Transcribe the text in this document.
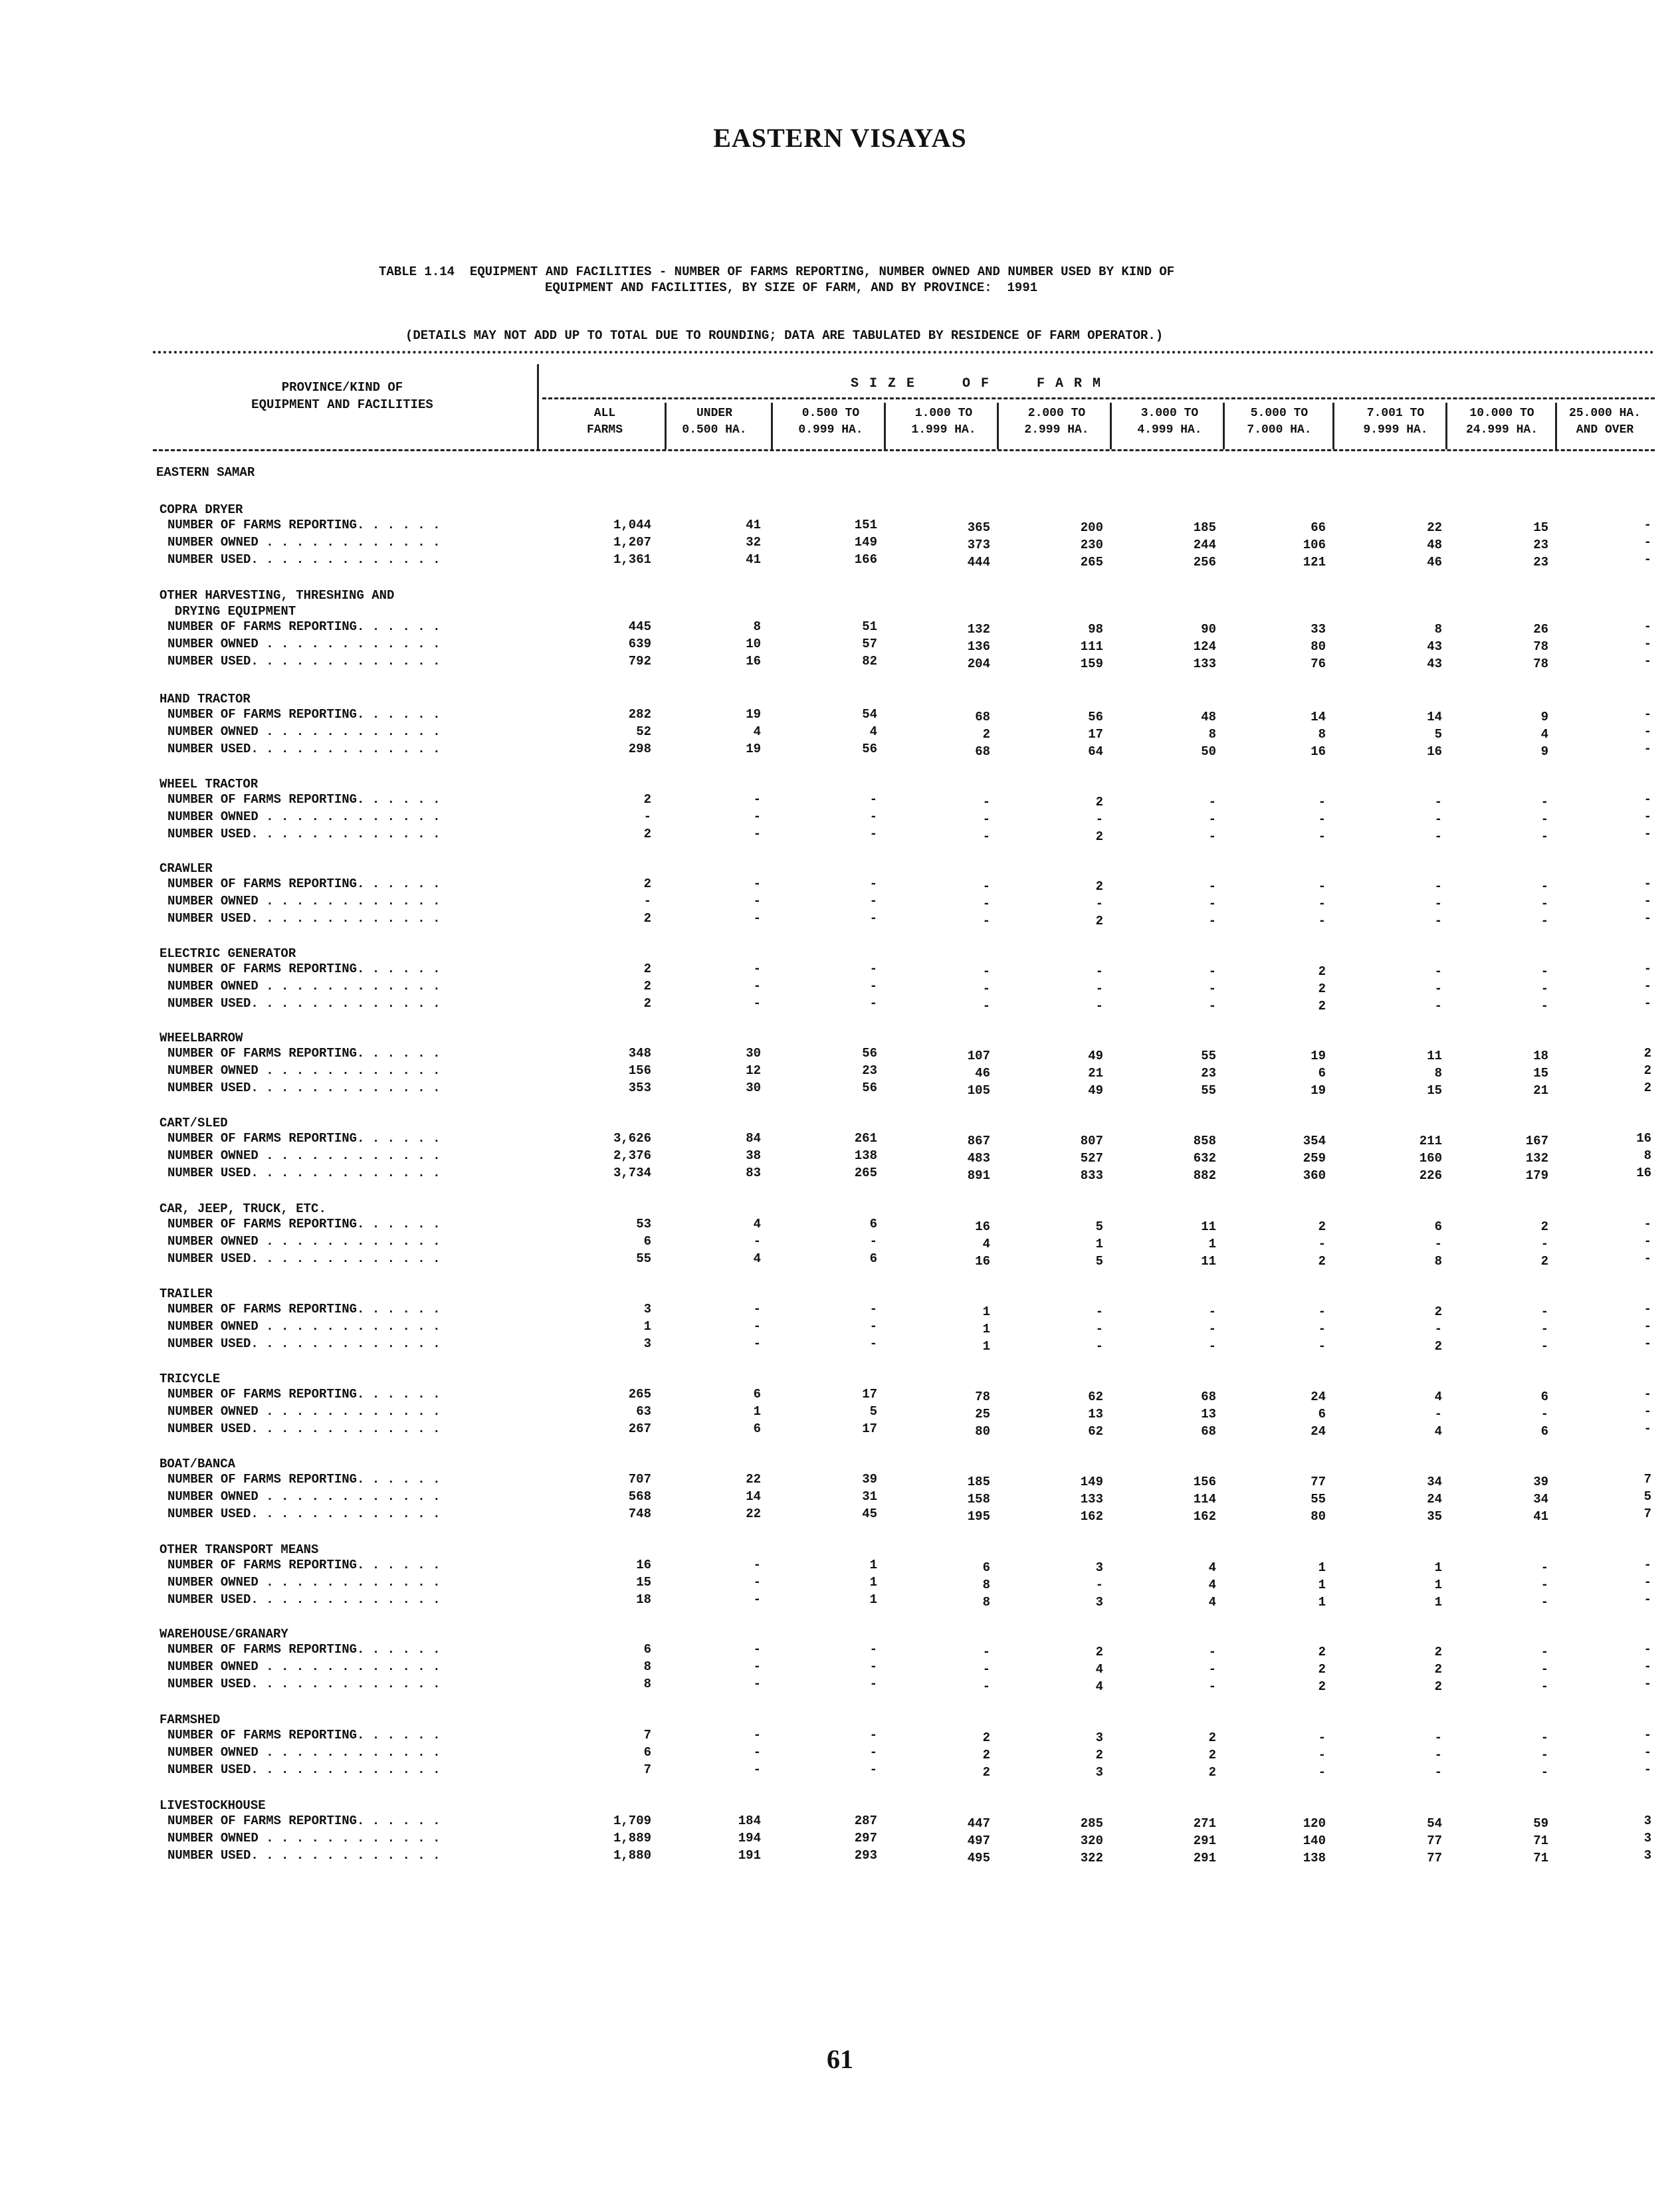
EASTERN VISAYAS
TABLE 1.14  EQUIPMENT AND FACILITIES - NUMBER OF FARMS REPORTING, NUMBER OWNED AND NUMBER USED BY KIND OF
EQUIPMENT AND FACILITIES, BY SIZE OF FARM, AND BY PROVINCE:  1991
(DETAILS MAY NOT ADD UP TO TOTAL DUE TO ROUNDING; DATA ARE TABULATED BY RESIDENCE OF FARM OPERATOR.)
PROVINCE/KIND OF
EQUIPMENT AND FACILITIES
SIZE  OF  FARM
ALL
FARMS
UNDER
0.500 HA.
0.500 TO
0.999 HA.
1.000 TO
1.999 HA.
2.000 TO
2.999 HA.
3.000 TO
4.999 HA.
5.000 TO
7.000 HA.
7.001 TO
9.999 HA.
10.000 TO
24.999 HA.
25.000 HA.
AND OVER
EASTERN SAMAR
COPRA DRYER
NUMBER OF FARMS REPORTING. . . . . .	1,044	41	151	365	200	185	66	22	15	-
NUMBER OWNED . . . . . . . . . . . .	1,207	32	149	373	230	244	106	48	23	-
NUMBER USED. . . . . . . . . . . . .	1,361	41	166	444	265	256	121	46	23	-
OTHER HARVESTING, THRESHING AND
DRYING EQUIPMENT
NUMBER OF FARMS REPORTING. . . . . .	445	8	51	132	98	90	33	8	26	-
NUMBER OWNED . . . . . . . . . . . .	639	10	57	136	111	124	80	43	78	-
NUMBER USED. . . . . . . . . . . . .	792	16	82	204	159	133	76	43	78	-
HAND TRACTOR
NUMBER OF FARMS REPORTING. . . . . .	282	19	54	68	56	48	14	14	9	-
NUMBER OWNED . . . . . . . . . . . .	52	4	4	2	17	8	8	5	4	-
NUMBER USED. . . . . . . . . . . . .	298	19	56	68	64	50	16	16	9	-
WHEEL TRACTOR
NUMBER OF FARMS REPORTING. . . . . .	2	-	-	-	2	-	-	-	-	-
NUMBER OWNED . . . . . . . . . . . .	-	-	-	-	-	-	-	-	-	-
NUMBER USED. . . . . . . . . . . . .	2	-	-	-	2	-	-	-	-	-
CRAWLER
NUMBER OF FARMS REPORTING. . . . . .	2	-	-	-	2	-	-	-	-	-
NUMBER OWNED . . . . . . . . . . . .	-	-	-	-	-	-	-	-	-	-
NUMBER USED. . . . . . . . . . . . .	2	-	-	-	2	-	-	-	-	-
ELECTRIC GENERATOR
NUMBER OF FARMS REPORTING. . . . . .	2	-	-	-	-	-	2	-	-	-
NUMBER OWNED . . . . . . . . . . . .	2	-	-	-	-	-	2	-	-	-
NUMBER USED. . . . . . . . . . . . .	2	-	-	-	-	-	2	-	-	-
WHEELBARROW
NUMBER OF FARMS REPORTING. . . . . .	348	30	56	107	49	55	19	11	18	2
NUMBER OWNED . . . . . . . . . . . .	156	12	23	46	21	23	6	8	15	2
NUMBER USED. . . . . . . . . . . . .	353	30	56	105	49	55	19	15	21	2
CART/SLED
NUMBER OF FARMS REPORTING. . . . . .	3,626	84	261	867	807	858	354	211	167	16
NUMBER OWNED . . . . . . . . . . . .	2,376	38	138	483	527	632	259	160	132	8
NUMBER USED. . . . . . . . . . . . .	3,734	83	265	891	833	882	360	226	179	16
CAR, JEEP, TRUCK, ETC.
NUMBER OF FARMS REPORTING. . . . . .	53	4	6	16	5	11	2	6	2	-
NUMBER OWNED . . . . . . . . . . . .	6	-	-	4	1	1	-	-	-	-
NUMBER USED. . . . . . . . . . . . .	55	4	6	16	5	11	2	8	2	-
TRAILER
NUMBER OF FARMS REPORTING. . . . . .	3	-	-	1	-	-	-	2	-	-
NUMBER OWNED . . . . . . . . . . . .	1	-	-	1	-	-	-	-	-	-
NUMBER USED. . . . . . . . . . . . .	3	-	-	1	-	-	-	2	-	-
TRICYCLE
NUMBER OF FARMS REPORTING. . . . . .	265	6	17	78	62	68	24	4	6	-
NUMBER OWNED . . . . . . . . . . . .	63	1	5	25	13	13	6	-	-	-
NUMBER USED. . . . . . . . . . . . .	267	6	17	80	62	68	24	4	6	-
BOAT/BANCA
NUMBER OF FARMS REPORTING. . . . . .	707	22	39	185	149	156	77	34	39	7
NUMBER OWNED . . . . . . . . . . . .	568	14	31	158	133	114	55	24	34	5
NUMBER USED. . . . . . . . . . . . .	748	22	45	195	162	162	80	35	41	7
OTHER TRANSPORT MEANS
NUMBER OF FARMS REPORTING. . . . . .	16	-	1	6	3	4	1	1	-	-
NUMBER OWNED . . . . . . . . . . . .	15	-	1	8	-	4	1	1	-	-
NUMBER USED. . . . . . . . . . . . .	18	-	1	8	3	4	1	1	-	-
WAREHOUSE/GRANARY
NUMBER OF FARMS REPORTING. . . . . .	6	-	-	-	2	-	2	2	-	-
NUMBER OWNED . . . . . . . . . . . .	8	-	-	-	4	-	2	2	-	-
NUMBER USED. . . . . . . . . . . . .	8	-	-	-	4	-	2	2	-	-
FARMSHED
NUMBER OF FARMS REPORTING. . . . . .	7	-	-	2	3	2	-	-	-	-
NUMBER OWNED . . . . . . . . . . . .	6	-	-	2	2	2	-	-	-	-
NUMBER USED. . . . . . . . . . . . .	7	-	-	2	3	2	-	-	-	-
LIVESTOCKHOUSE
NUMBER OF FARMS REPORTING. . . . . .	1,709	184	287	447	285	271	120	54	59	3
NUMBER OWNED . . . . . . . . . . . .	1,889	194	297	497	320	291	140	77	71	3
NUMBER USED. . . . . . . . . . . . .	1,880	191	293	495	322	291	138	77	71	3
61
